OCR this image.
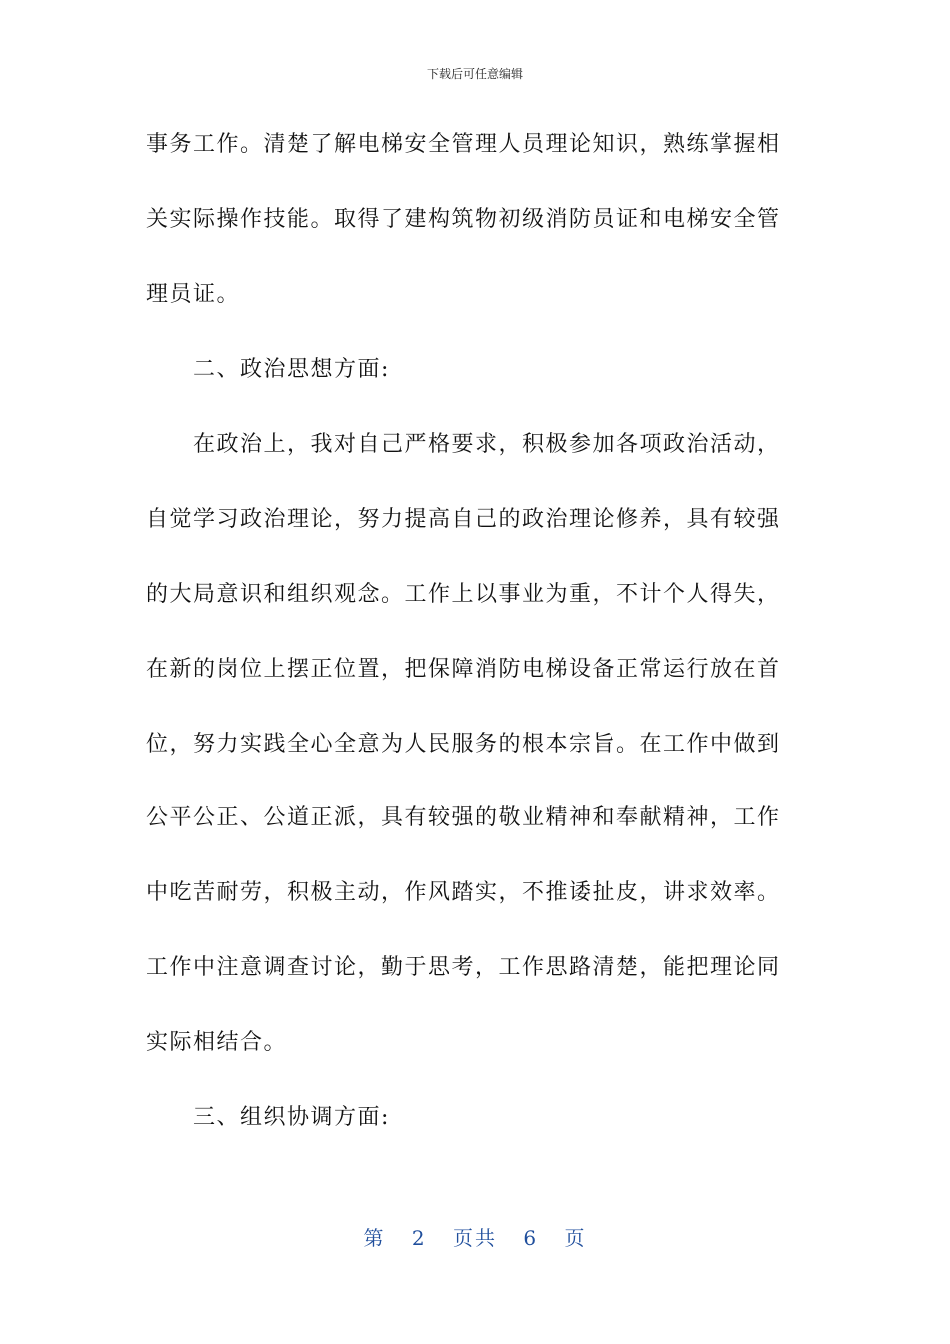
下载后可任意编辑
事务工作。清楚了解电梯安全管理人员理论知识，熟练掌握相
关实际操作技能。取得了建构筑物初级消防员证和电梯安全管
理员证。
二、政治思想方面:
在政治上，我对自己严格要求，积极参加各项政治活动，
自觉学习政治理论，努力提高自己的政治理论修养，具有较强
的大局意识和组织观念。工作上以事业为重，不计个人得失，
在新的岗位上摆正位置，把保障消防电梯设备正常运行放在首
位，努力实践全心全意为人民服务的根本宗旨。在工作中做到
公平公正、公道正派，具有较强的敬业精神和奉献精神，工作
中吃苦耐劳，积极主动，作风踏实，不推诿扯皮，讲求效率。
工作中注意调查讨论，勤于思考，工作思路清楚，能把理论同
实际相结合。
三、组织协调方面:
第 2 页共 6 页
